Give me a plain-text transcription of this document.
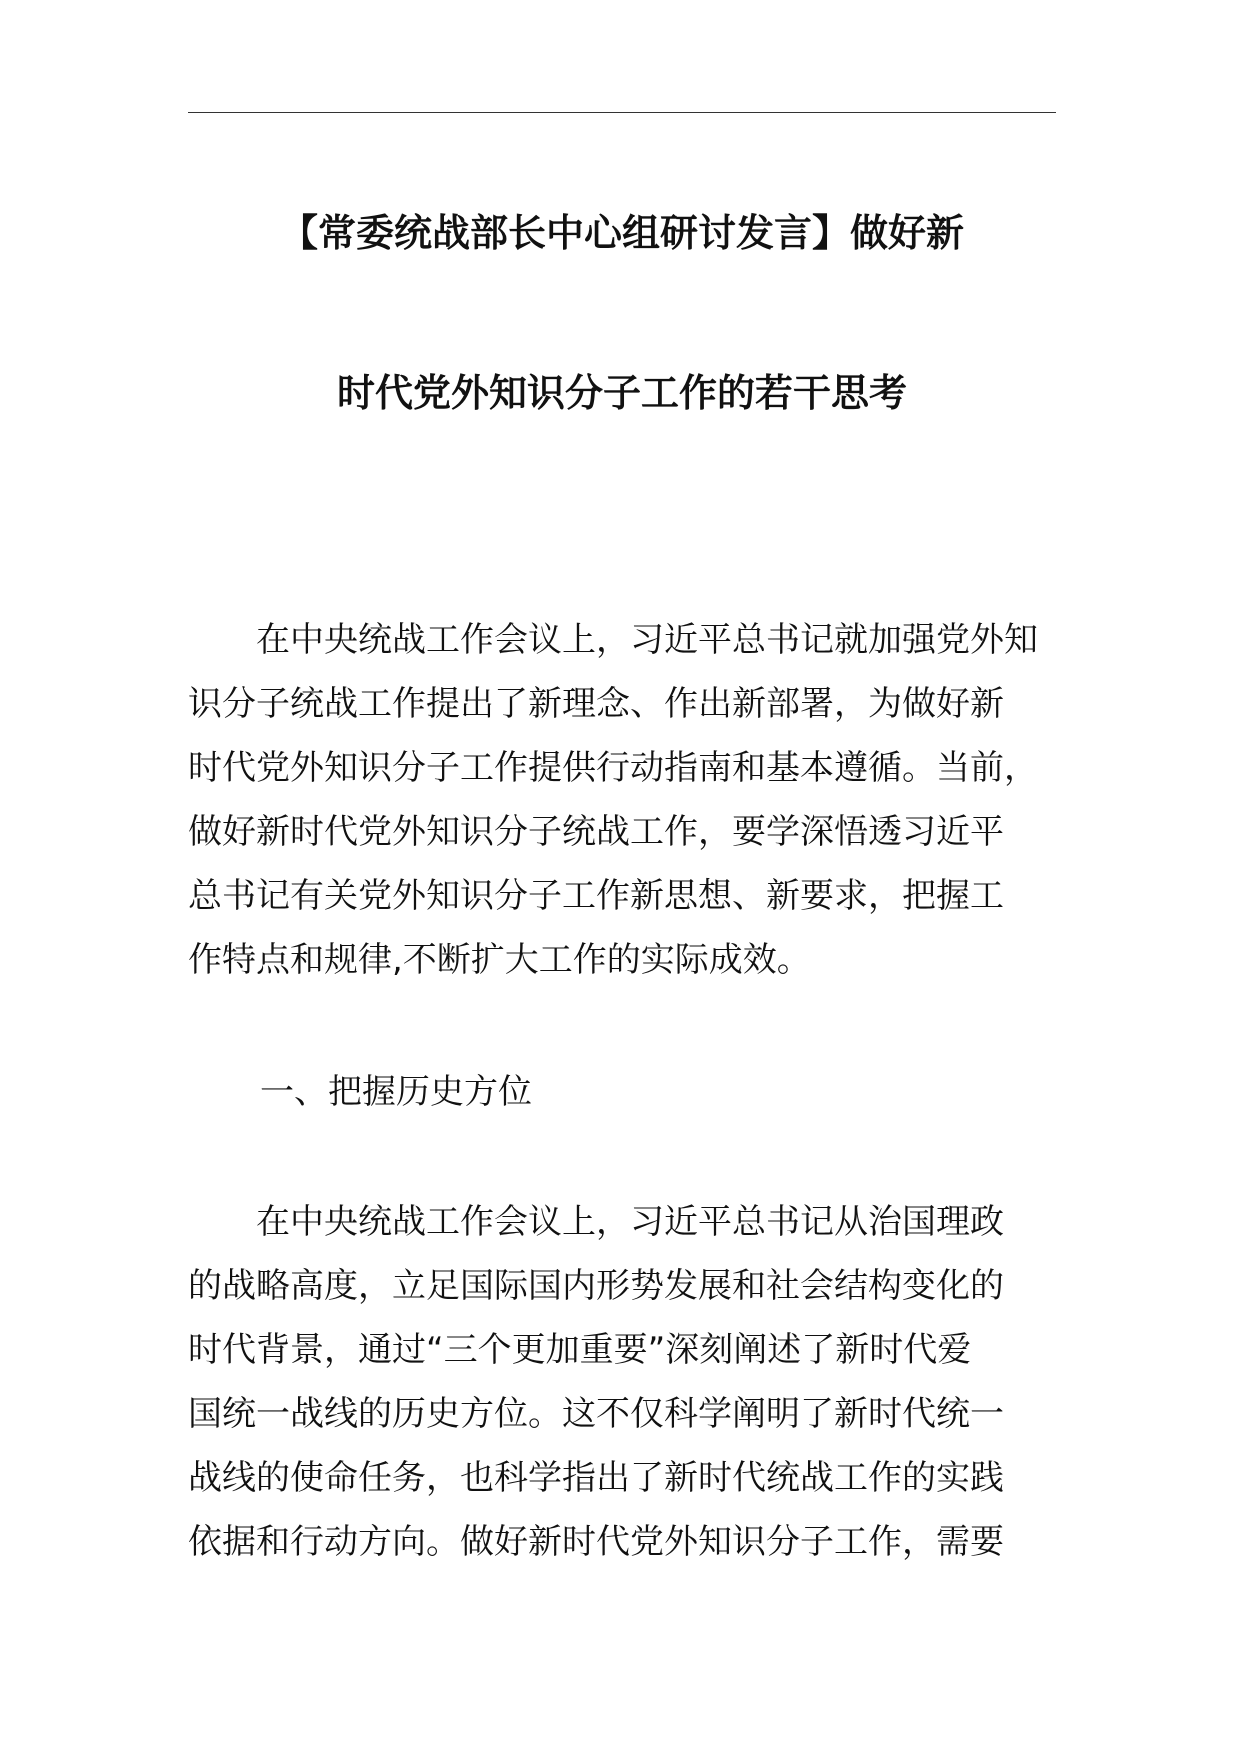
【常委统战部长中心组研讨发言】做好新
时代党外知识分子工作的若干思考
　　在中央统战工作会议上，习近平总书记就加强党外知
识分子统战工作提出了新理念、作出新部署，为做好新
时代党外知识分子工作提供行动指南和基本遵循。当前，
做好新时代党外知识分子统战工作，要学深悟透习近平
总书记有关党外知识分子工作新思想、新要求，把握工
作特点和规律,不断扩大工作的实际成效。
一、把握历史方位
　　在中央统战工作会议上，习近平总书记从治国理政
的战略高度，立足国际国内形势发展和社会结构变化的
时代背景，通过“三个更加重要”深刻阐述了新时代爱
国统一战线的历史方位。这不仅科学阐明了新时代统一
战线的使命任务，也科学指出了新时代统战工作的实践
依据和行动方向。做好新时代党外知识分子工作，需要
